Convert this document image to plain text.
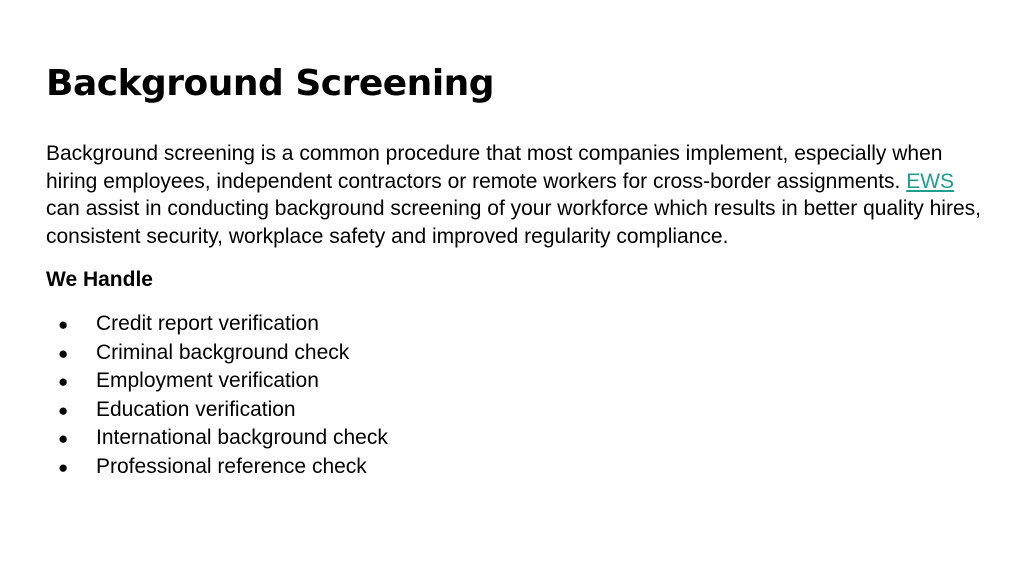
Background Screening

Background screening is a common procedure that most companies implement, especially when hiring employees, independent contractors or remote workers for cross-border assignments. EWS can assist in conducting background screening of your workforce which results in better quality hires, consistent security, workplace safety and improved regularity compliance.

We Handle

●	Credit report verification
●	Criminal background check
●	Employment verification
●	Education verification
●	International background check
●	Professional reference check
